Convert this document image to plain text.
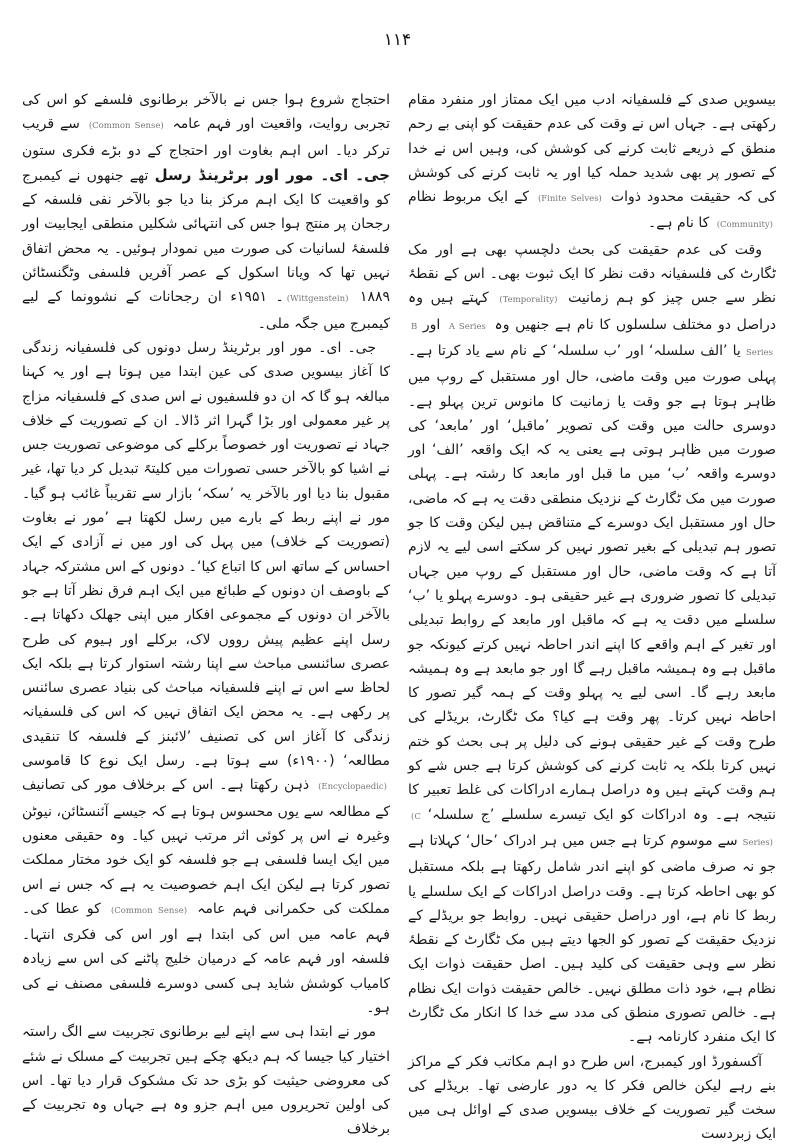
۱۱۴

بیسویں صدی کے فلسفیانہ ادب میں ایک ممتاز اور منفرد مقام رکھتی ہے۔ جہاں اس نے وقت کی عدم حقیقت کو اپنی بے رحم منطق کے ذریعے ثابت کرنے کی کوشش کی، وہیں اس نے خدا کے تصور پر بھی شدید حملہ کیا اور یہ ثابت کرنے کی کوشش کی کہ حقیقت محدود ذوات (Finite Selves) کے ایک مربوط نظام (Community) کا نام ہے۔

وقت کی عدم حقیقت کی بحث دلچسپ بھی ہے اور مک ٹگارٹ کی فلسفیانہ دقت نظر کا ایک ثبوت بھی۔ اس کے نقطۂ نظر سے جس چیز کو ہم زمانیت (Temporality) کہتے ہیں وہ دراصل دو مختلف سلسلوں کا نام ہے جنھیں وہ A Series اور B Series یا ’الف سلسلہ‘ اور ’ب سلسلہ‘ کے نام سے یاد کرتا ہے۔ پہلی صورت میں وقت ماضی، حال اور مستقبل کے روپ میں ظاہر ہوتا ہے جو وقت یا زمانیت کا مانوس ترین پہلو ہے۔ دوسری حالت میں وقت کی تصویر ’ماقبل‘ اور ’مابعد‘ کی صورت میں ظاہر ہوتی ہے یعنی یہ کہ ایک واقعہ ’الف‘ اور دوسرے واقعہ ’ب‘ میں ما قبل اور مابعد کا رشتہ ہے۔ پہلی صورت میں مک ٹگارٹ کے نزدیک منطقی دقت یہ ہے کہ ماضی، حال اور مستقبل ایک دوسرے کے متناقض ہیں لیکن وقت کا جو تصور ہم تبدیلی کے بغیر تصور نہیں کر سکتے اسی لیے یہ لازم آتا ہے کہ وقت ماضی، حال اور مستقبل کے روپ میں جہاں تبدیلی کا تصور ضروری ہے غیر حقیقی ہو۔ دوسرے پہلو یا ’ب‘ سلسلے میں دقت یہ ہے کہ ماقبل اور مابعد کے روابط تبدیلی اور تغیر کے اہم واقعے کا اپنے اندر احاطہ نہیں کرتے کیونکہ جو ماقبل ہے وہ ہمیشہ ماقبل رہے گا اور جو مابعد ہے وہ ہمیشہ مابعد رہے گا۔ اسی لیے یہ پہلو وقت کے ہمہ گیر تصور کا احاطہ نہیں کرتا۔ پھر وقت ہے کیا؟ مک ٹگارٹ، بریڈلے کی طرح وقت کے غیر حقیقی ہونے کی دلیل پر ہی بحث کو ختم نہیں کرتا بلکہ یہ ثابت کرنے کی کوشش کرتا ہے جس شے کو ہم وقت کہتے ہیں وہ دراصل ہمارے ادراکات کی غلط تعبیر کا نتیجہ ہے۔ وہ ادراکات کو ایک تیسرے سلسلے ’ج سلسلہ‘ (C Series) سے موسوم کرتا ہے جس میں ہر ادراک ’حال‘ کہلاتا ہے جو نہ صرف ماضی کو اپنے اندر شامل رکھتا ہے بلکہ مستقبل کو بھی احاطہ کرتا ہے۔ وقت دراصل ادراکات کے ایک سلسلے یا ربط کا نام ہے، اور دراصل حقیقی نہیں۔ روابط جو بریڈلے کے نزدیک حقیقت کے تصور کو الجھا دیتے ہیں مک ٹگارٹ کے نقطۂ نظر سے وہی حقیقت کی کلید ہیں۔ اصل حقیقت ذوات ایک نظام ہے، خود ذات مطلق نہیں۔ خالص حقیقت ذوات ایک نظام ہے۔ خالص تصوری منطق کی مدد سے خدا کا انکار مک ٹگارٹ کا ایک منفرد کارنامہ ہے۔

آکسفورڈ اور کیمبرج، اس طرح دو اہم مکاتب فکر کے مراکز بنے رہے لیکن خالص فکر کا یہ دور عارضی تھا۔ بریڈلے کی سخت گیر تصوریت کے خلاف بیسویں صدی کے اوائل ہی میں ایک زبردست

احتجاج شروع ہوا جس نے بالآخر برطانوی فلسفے کو اس کی تجربی روایت، واقعیت اور فہم عامہ (Common Sense) سے قریب ترکر دیا۔ اس اہم بغاوت اور احتجاج کے دو بڑے فکری ستون جی۔ ای۔ مور اور برٹرینڈ رسل تھے جنھوں نے کیمبرج کو واقعیت کا ایک اہم مرکز بنا دیا جو بالآخر نفی فلسفہ کے رجحان پر منتج ہوا جس کی انتہائی شکلیں منطقی ایجابیت اور فلسفۂ لسانیات کی صورت میں نمودار ہوئیں۔ یہ محض اتفاق نہیں تھا کہ ویانا اسکول کے عصر آفریں فلسفی وٹگنسٹائن (Wittgenstein) ۱۸۸۹۔ ۱۹۵۱ء ان رجحانات کے نشوونما کے لیے کیمبرج میں جگہ ملی۔

جی۔ ای۔ مور اور برٹرینڈ رسل دونوں کی فلسفیانہ زندگی کا آغاز بیسویں صدی کی عین ابتدا میں ہوتا ہے اور یہ کہنا مبالغہ ہو گا کہ ان دو فلسفیوں نے اس صدی کے فلسفیانہ مزاج پر غیر معمولی اور بڑا گہرا اثر ڈالا۔ ان کے تصوریت کے خلاف جہاد نے تصوریت اور خصوصاً برکلے کی موضوعی تصوریت جس نے اشیا کو بالآخر حسی تصورات میں کلیتہً تبدیل کر دیا تھا، غیر مقبول بنا دیا اور بالآخر یہ ’سکہ‘ بازار سے تقریباً غائب ہو گیا۔ مور نے اپنے ربط کے بارے میں رسل لکھتا ہے ’مور نے بغاوت (تصوریت کے خلاف) میں پہل کی اور میں نے آزادی کے ایک احساس کے ساتھ اس کا اتباع کیا‘۔ دونوں کے اس مشترکہ جہاد کے باوصف ان دونوں کے طبائع میں ایک اہم فرق نظر آتا ہے جو بالآخر ان دونوں کے مجموعی افکار میں اپنی جھلک دکھاتا ہے۔ رسل اپنے عظیم پیش رووں لاک، برکلے اور ہیوم کی طرح عصری سائنسی مباحث سے اپنا رشتہ استوار کرتا ہے بلکہ ایک لحاظ سے اس نے اپنے فلسفیانہ مباحث کی بنیاد عصری سائنس پر رکھی ہے۔ یہ محض ایک اتفاق نہیں کہ اس کی فلسفیانہ زندگی کا آغاز اس کی تصنیف ’لائبنز کے فلسفہ کا تنقیدی مطالعہ‘ (۱۹۰۰ء) سے ہوتا ہے۔ رسل ایک نوع کا قاموسی (Encyclopaedic) ذہن رکھتا ہے۔ اس کے برخلاف مور کی تصانیف کے مطالعہ سے یوں محسوس ہوتا ہے کہ جیسے آئنسٹائن، نیوٹن وغیرہ نے اس پر کوئی اثر مرتب نہیں کیا۔ وہ حقیقی معنوں میں ایک ایسا فلسفی ہے جو فلسفہ کو ایک خود مختار مملکت تصور کرتا ہے لیکن ایک اہم خصوصیت یہ ہے کہ جس نے اس مملکت کی حکمرانی فہم عامہ (Common Sense) کو عطا کی۔ فہم عامہ میں اس کی ابتدا ہے اور اس کی فکری انتہا۔ فلسفہ اور فہم عامہ کے درمیان خلیج پاٹنے کی اس سے زیادہ کامیاب کوشش شاید ہی کسی دوسرے فلسفی مصنف نے کی ہو۔

مور نے ابتدا ہی سے اپنے لیے برطانوی تجربیت سے الگ راستہ اختیار کیا جیسا کہ ہم دیکھ چکے ہیں تجربیت کے مسلک نے شئے کی معروضی حیثیت کو بڑی حد تک مشکوک قرار دیا تھا۔ اس کی اولین تحریروں میں اہم جزو وہ ہے جہاں وہ تجربیت کے برخلاف
